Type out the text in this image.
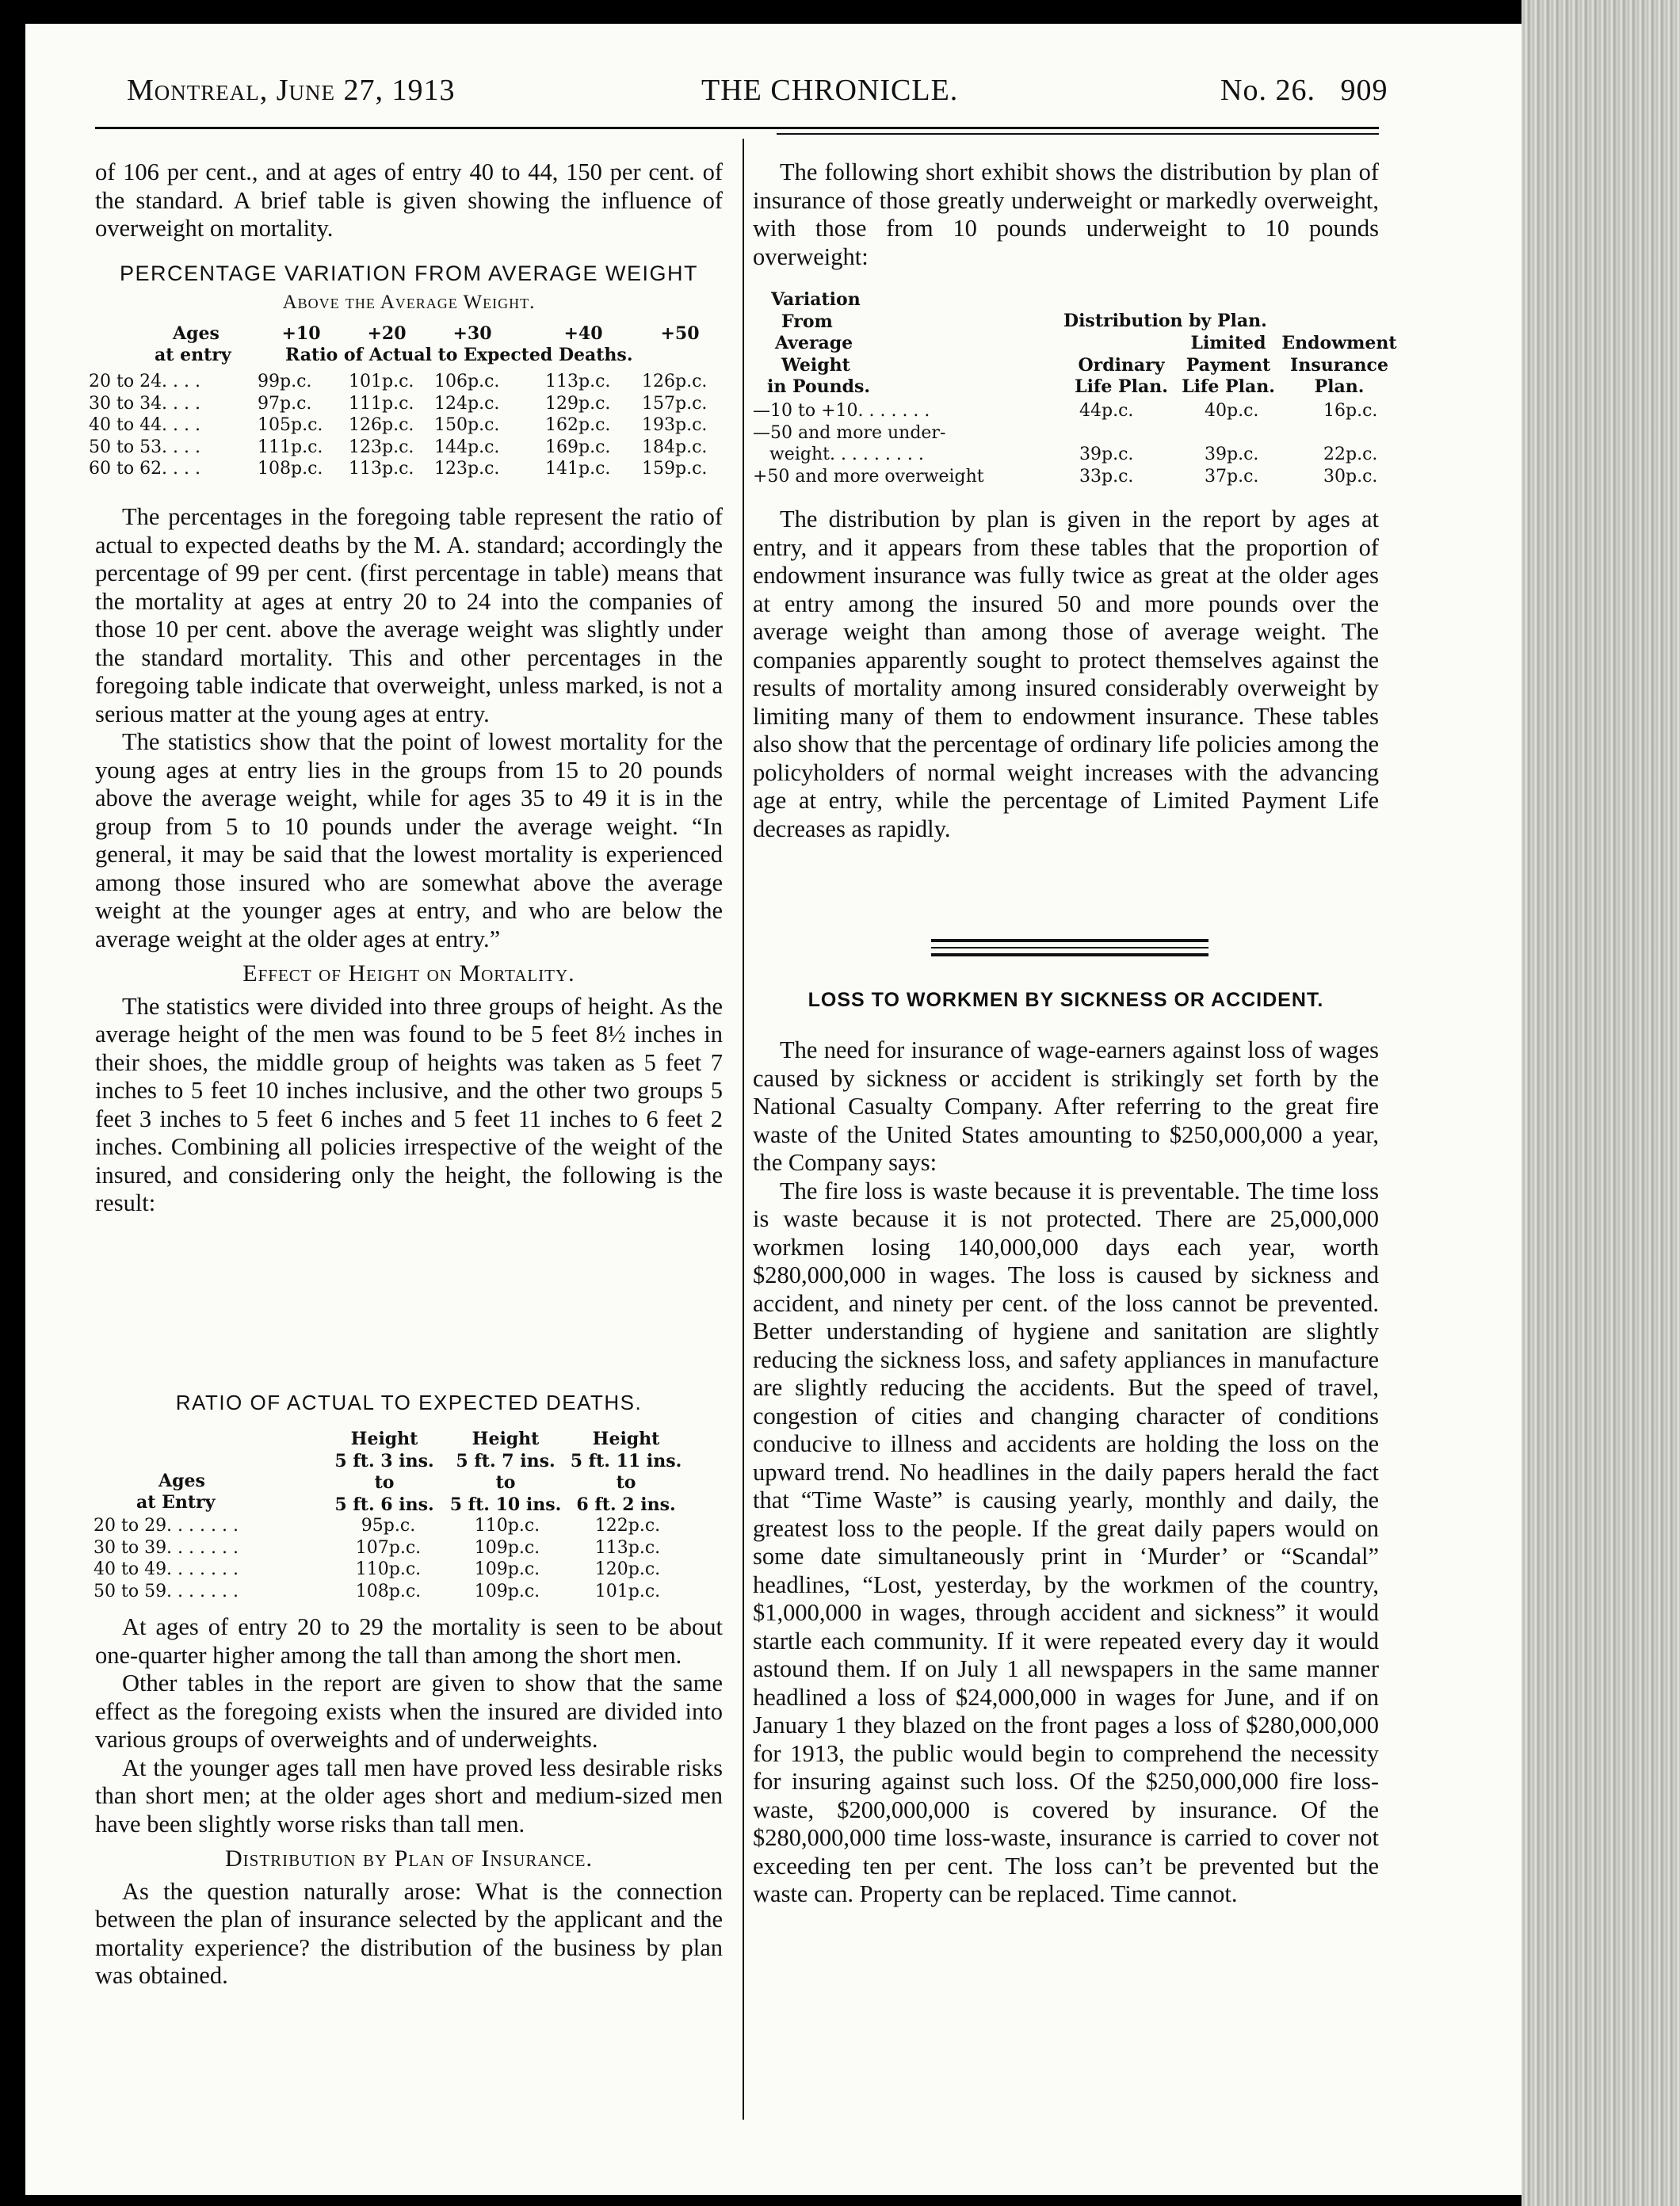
Montreal, June 27, 1913	THE CHRONICLE.	No. 26.   909

of 106 per cent., and at ages of entry 40 to 44, 150 per cent. of the standard. A brief table is given showing the influence of overweight on mortality.

PERCENTAGE VARIATION FROM AVERAGE WEIGHT
Above the Average Weight.
Ages
at entry
+10	+20	+30	+40	+50
Ratio of Actual to Expected Deaths.
20 to 24. . . .	99p.c.	101p.c.	106p.c.	113p.c.	126p.c.
30 to 34. . . .	97p.c.	111p.c.	124p.c.	129p.c.	157p.c.
40 to 44. . . .	105p.c.	126p.c.	150p.c.	162p.c.	193p.c.
50 to 53. . . .	111p.c.	123p.c.	144p.c.	169p.c.	184p.c.
60 to 62. . . .	108p.c.	113p.c.	123p.c.	141p.c.	159p.c.

The percentages in the foregoing table represent the ratio of actual to expected deaths by the M. A. standard; accordingly the percentage of 99 per cent. (first percentage in table) means that the mortality at ages at entry 20 to 24 into the companies of those 10 per cent. above the average weight was slightly under the standard mortality. This and other percentages in the foregoing table indicate that overweight, unless marked, is not a serious matter at the young ages at entry.

The statistics show that the point of lowest mortality for the young ages at entry lies in the groups from 15 to 20 pounds above the average weight, while for ages 35 to 49 it is in the group from 5 to 10 pounds under the average weight. “In general, it may be said that the lowest mortality is experienced among those insured who are somewhat above the average weight at the younger ages at entry, and who are below the average weight at the older ages at entry.”

Effect of Height on Mortality.

The statistics were divided into three groups of height. As the average height of the men was found to be 5 feet 8½ inches in their shoes, the middle group of heights was taken as 5 feet 7 inches to 5 feet 10 inches inclusive, and the other two groups 5 feet 3 inches to 5 feet 6 inches and 5 feet 11 inches to 6 feet 2 inches. Combining all policies irrespective of the weight of the insured, and considering only the height, the following is the result:

RATIO OF ACTUAL TO EXPECTED DEATHS.
Height
5 ft. 3 ins.
to
5 ft. 6 ins.
Height
5 ft. 7 ins.
to
5 ft. 10 ins.
Height
5 ft. 11 ins.
to
6 ft. 2 ins.
Ages
at Entry
20 to 29. . . . . . .	95p.c.	110p.c.	122p.c.
30 to 39. . . . . . .	107p.c.	109p.c.	113p.c.
40 to 49. . . . . . .	110p.c.	109p.c.	120p.c.
50 to 59. . . . . . .	108p.c.	109p.c.	101p.c.

At ages of entry 20 to 29 the mortality is seen to be about one-quarter higher among the tall than among the short men.

Other tables in the report are given to show that the same effect as the foregoing exists when the insured are divided into various groups of overweights and of underweights.

At the younger ages tall men have proved less desirable risks than short men; at the older ages short and medium-sized men have been slightly worse risks than tall men.

Distribution by Plan of Insurance.

As the question naturally arose: What is the connection between the plan of insurance selected by the applicant and the mortality experience? the distribution of the business by plan was obtained.

The following short exhibit shows the distribution by plan of insurance of those greatly underweight or markedly overweight, with those from 10 pounds underweight to 10 pounds overweight:

Variation
From
Average
Weight
in Pounds.
Distribution by Plan.
Ordinary
Life Plan.
Limited
Payment
Life Plan.
Endowment
Insurance
Plan.
—10 to +10. . . . . . .	44p.c.	40p.c.	16p.c.
—50 and more under-
weight. . . . . . . . .	39p.c.	39p.c.	22p.c.
+50 and more overweight	33p.c.	37p.c.	30p.c.

The distribution by plan is given in the report by ages at entry, and it appears from these tables that the proportion of endowment insurance was fully twice as great at the older ages at entry among the insured 50 and more pounds over the average weight than among those of average weight. The companies apparently sought to protect themselves against the results of mortality among insured considerably overweight by limiting many of them to endowment insurance. These tables also show that the percentage of ordinary life policies among the policyholders of normal weight increases with the advancing age at entry, while the percentage of Limited Payment Life decreases as rapidly.

LOSS TO WORKMEN BY SICKNESS OR ACCIDENT.

The need for insurance of wage-earners against loss of wages caused by sickness or accident is strikingly set forth by the National Casualty Company. After referring to the great fire waste of the United States amounting to $250,000,000 a year, the Company says:

The fire loss is waste because it is preventable. The time loss is waste because it is not protected. There are 25,000,000 workmen losing 140,000,000 days each year, worth $280,000,000 in wages. The loss is caused by sickness and accident, and ninety per cent. of the loss cannot be prevented. Better understanding of hygiene and sanitation are slightly reducing the sickness loss, and safety appliances in manufacture are slightly reducing the accidents. But the speed of travel, congestion of cities and changing character of conditions conducive to illness and accidents are holding the loss on the upward trend. No headlines in the daily papers herald the fact that “Time Waste” is causing yearly, monthly and daily, the greatest loss to the people. If the great daily papers would on some date simultaneously print in ‘Murder’ or “Scandal” headlines, “Lost, yesterday, by the workmen of the country, $1,000,000 in wages, through accident and sickness” it would startle each community. If it were repeated every day it would astound them. If on July 1 all newspapers in the same manner headlined a loss of $24,000,000 in wages for June, and if on January 1 they blazed on the front pages a loss of $280,000,000 for 1913, the public would begin to comprehend the necessity for insuring against such loss. Of the $250,000,000 fire loss-waste, $200,000,000 is covered by insurance. Of the $280,000,000 time loss-waste, insurance is carried to cover not exceeding ten per cent. The loss can’t be prevented but the waste can. Property can be replaced. Time cannot.
